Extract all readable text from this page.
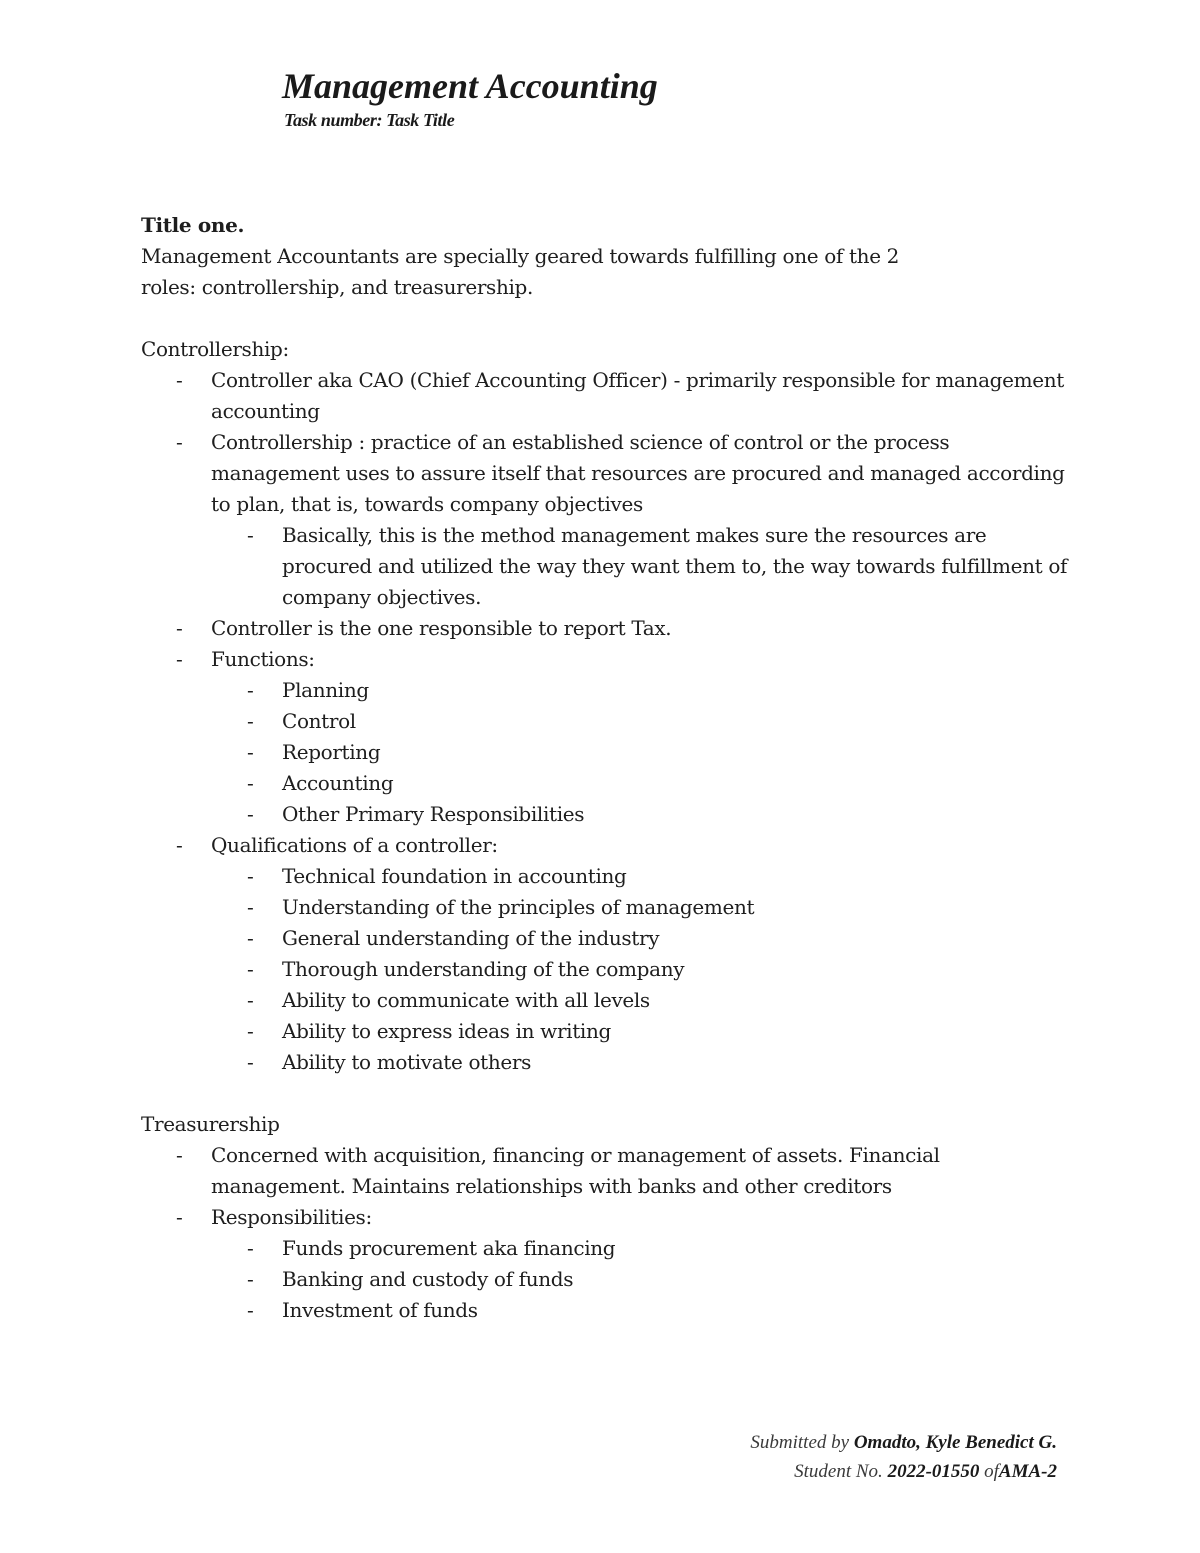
Management Accounting
Task number: Task Title

Title one.

Management Accountants are specially geared towards fulfilling one of the 2 roles: controllership, and treasurership.

Controllership:

- Controller aka CAO (Chief Accounting Officer) - primarily responsible for management accounting
- Controllership : practice of an established science of control or the process management uses to assure itself that resources are procured and managed according to plan, that is, towards company objectives
- Basically, this is the method management makes sure the resources are procured and utilized the way they want them to, the way towards fulfillment of company objectives.
- Controller is the one responsible to report Tax.
- Functions:
- Planning
- Control
- Reporting
- Accounting
- Other Primary Responsibilities
- Qualifications of a controller:
- Technical foundation in accounting
- Understanding of the principles of management
- General understanding of the industry
- Thorough understanding of the company
- Ability to communicate with all levels
- Ability to express ideas in writing
- Ability to motivate others

Treasurership

- Concerned with acquisition, financing or management of assets. Financial management. Maintains relationships with banks and other creditors
- Responsibilities:
- Funds procurement aka financing
- Banking and custody of funds
- Investment of funds
Submitted by Omadto, Kyle Benedict G.
Student No. 2022-01550 ofAMA-2
